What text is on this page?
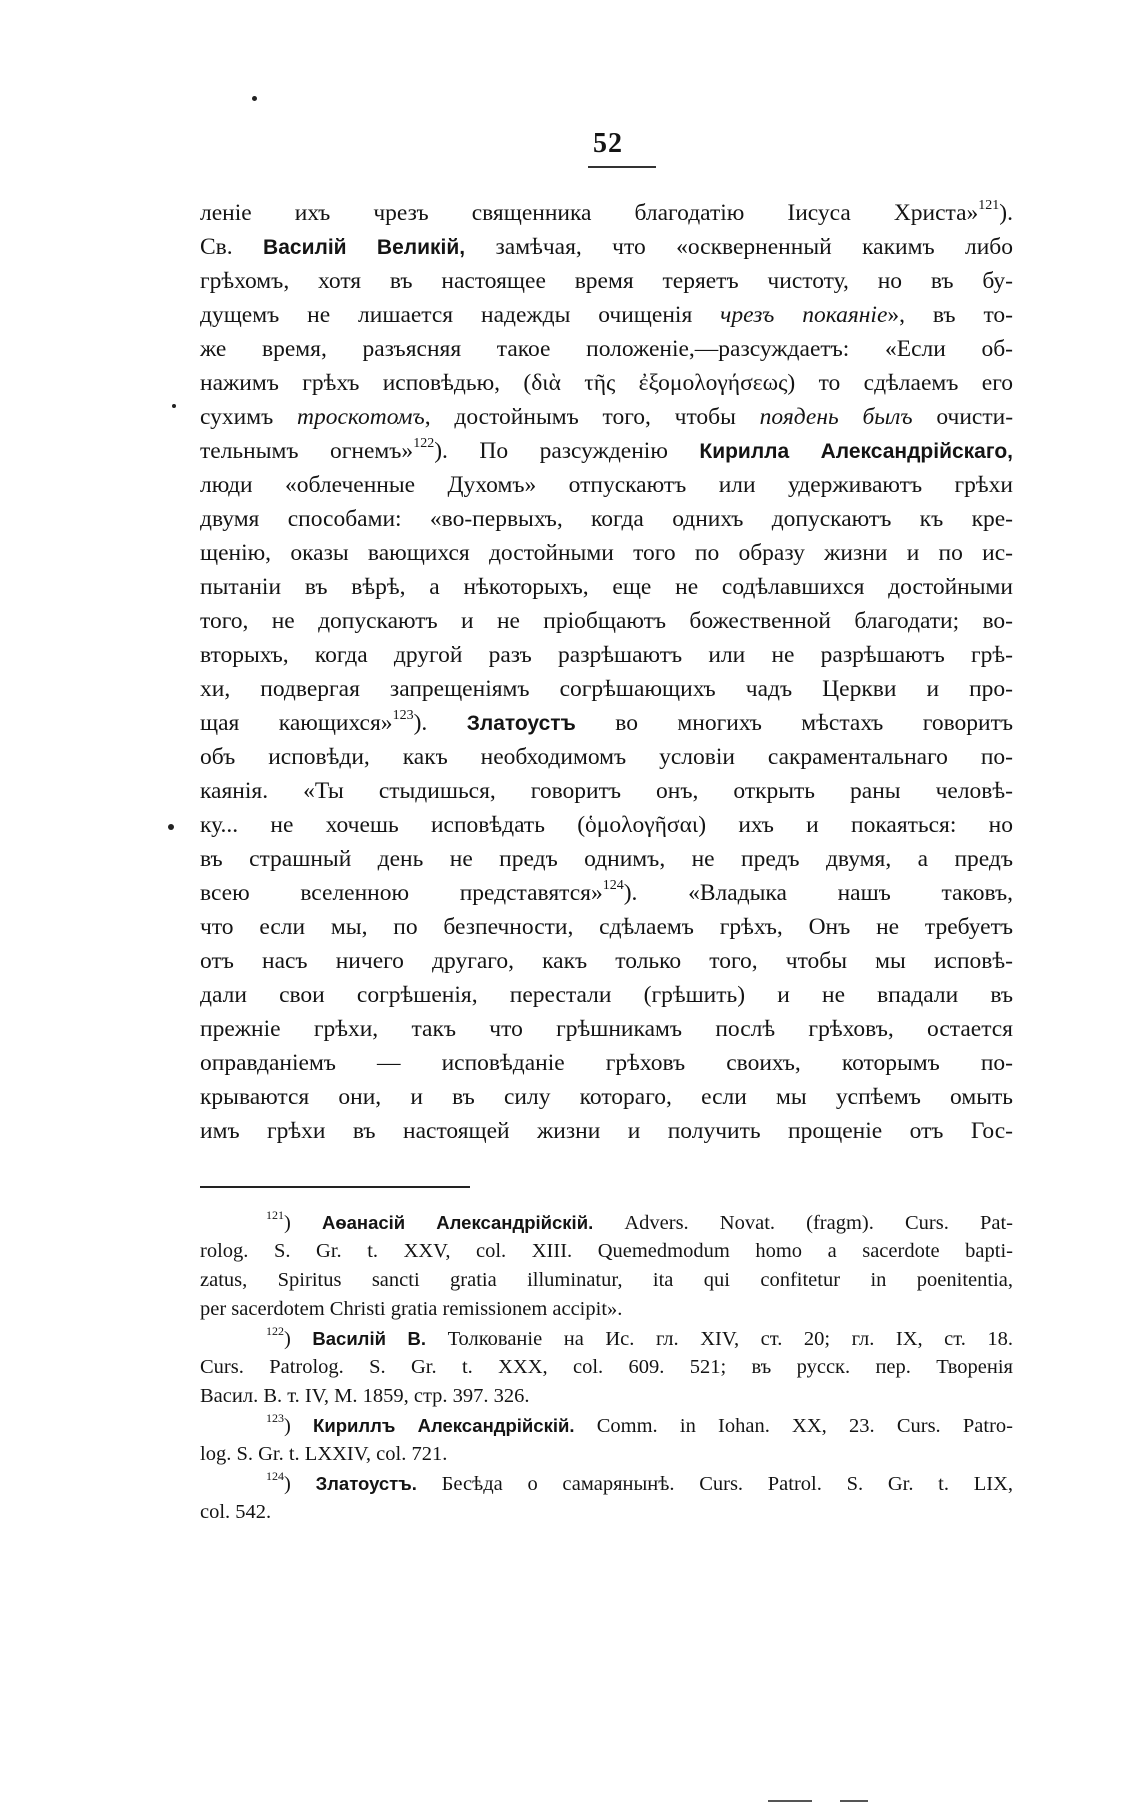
52
леніе ихъ чрезъ священника благодатію Іисуса Христа»$^{121}$).
Св. Василій Великій, замѣчая, что «оскверненный какимъ либо
грѣхомъ, хотя въ настоящее время теряетъ чистоту, но въ бу-
дущемъ не лишается надежды очищенія чрезъ покаяніе», въ то-
же время, разъясняя такое положеніе,—разсуждаетъ: «Если об-
нажимъ грѣхъ исповѣдью, (διὰ τῆς ἐξομολογήσεως) то сдѣлаемъ его
сухимъ троскотомъ, достойнымъ того, чтобы поядень былъ очисти-
тельнымъ огнемъ»$^{122}$). По разсужденію Кирилла Александрійскаго,
люди «облеченные Духомъ» отпускаютъ или удерживаютъ грѣхи
двумя способами: «во-первыхъ, когда однихъ допускаютъ къ кре-
щенію, оказы вающихся достойными того по образу жизни и по ис-
пытаніи въ вѣрѣ, а нѣкоторыхъ, еще не содѣлавшихся достойными
того, не допускаютъ и не пріобщаютъ божественной благодати; во-
вторыхъ, когда другой разъ разрѣшаютъ или не разрѣшаютъ грѣ-
хи, подвергая запрещеніямъ согрѣшающихъ чадъ Церкви и про-
щая кающихся»$^{123}$). Златоустъ во многихъ мѣстахъ говоритъ
объ исповѣди, какъ необходимомъ условіи сакраментальнаго по-
каянія. «Ты стыдишься, говоритъ онъ, открыть раны человѣ-
ку... не хочешь исповѣдать (ὁμολογῆσαι) ихъ и покаяться: но
въ страшный день не предъ однимъ, не предъ двумя, а предъ
всею вселенною представятся»$^{124}$). «Владыка нашъ таковъ,
что если мы, по безпечности, сдѣлаемъ грѣхъ, Онъ не требуетъ
отъ насъ ничего другаго, какъ только того, чтобы мы исповѣ-
дали свои согрѣшенія, перестали (грѣшить) и не впадали въ
прежніе грѣхи, такъ что грѣшникамъ послѣ грѣховъ, остается
оправданіемъ — исповѣданіе грѣховъ своихъ, которымъ по-
крываются они, и въ силу котораго, если мы успѣемъ омыть
имъ грѣхи въ настоящей жизни и получить прощеніе отъ Гос-
$^{121}$) Аѳанасій Александрійскій. Advers. Novat. (fragm). Curs. Pat-
rolog. S. Gr. t. XXV, col. XIII. Quemedmodum homo a sacerdote bapti-
zatus, Spiritus sancti gratia illuminatur, ita qui confitetur in poenitentia,
per sacerdotem Christi gratia remissionem accipit».
$^{122}$) Василій В. Толкованіе на Ис. гл. XIV, ст. 20; гл. IX, ст. 18.
Curs. Patrolog. S. Gr. t. XXX, col. 609. 521; въ русск. пер. Творенія
Васил. В. т. IV, М. 1859, стр. 397. 326.
$^{123}$) Кириллъ Александрійскій. Comm. in Iohan. XX, 23. Curs. Patro-
log. S. Gr. t. LXXIV, col. 721.
$^{124}$) Златоустъ. Бесѣда о самарянынѣ. Curs. Patrol. S. Gr. t. LIX,
col. 542.
